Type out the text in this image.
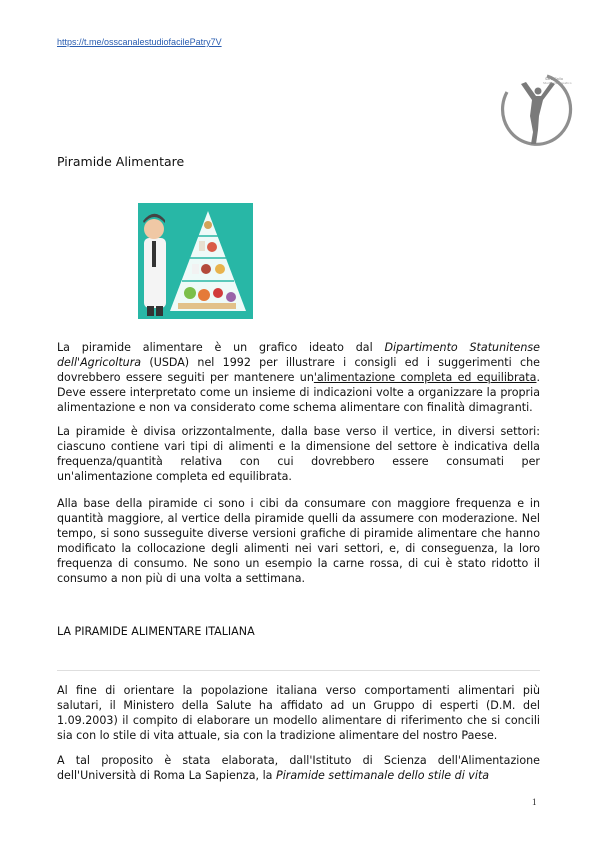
https://t.me/osscanalestudiofacilePatry7V
Sara Gallo
Studio Osteopatico
Piramide Alimentare

La piramide alimentare è un grafico ideato dal Dipartimento Statunitense dell'Agricoltura (USDA) nel 1992 per illustrare i consigli ed i suggerimenti che dovrebbero essere seguiti per mantenere un'alimentazione completa ed equilibrata. Deve essere interpretato come un insieme di indicazioni volte a organizzare la propria alimentazione e non va considerato come schema alimentare con finalità dimagranti.

La piramide è divisa orizzontalmente, dalla base verso il vertice, in diversi settori: ciascuno contiene vari tipi di alimenti e la dimensione del settore è indicativa della frequenza/quantità relativa con cui dovrebbero essere consumati per un'alimentazione completa ed equilibrata.

Alla base della piramide ci sono i cibi da consumare con maggiore frequenza e in quantità maggiore, al vertice della piramide quelli da assumere con moderazione. Nel tempo, si sono susseguite diverse versioni grafiche di piramide alimentare che hanno modificato la collocazione degli alimenti nei vari settori, e, di conseguenza, la loro frequenza di consumo. Ne sono un esempio la carne rossa, di cui è stato ridotto il consumo a non più di una volta a settimana.

LA PIRAMIDE ALIMENTARE ITALIANA

Al fine di orientare la popolazione italiana verso comportamenti alimentari più salutari, il Ministero della Salute ha affidato ad un Gruppo di esperti (D.M. del 1.09.2003) il compito di elaborare un modello alimentare di riferimento che si concili sia con lo stile di vita attuale, sia con la tradizione alimentare del nostro Paese.

A tal proposito è stata elaborata, dall'Istituto di Scienza dell'Alimentazione dell'Università di Roma La Sapienza, la Piramide settimanale dello stile di vita

1
